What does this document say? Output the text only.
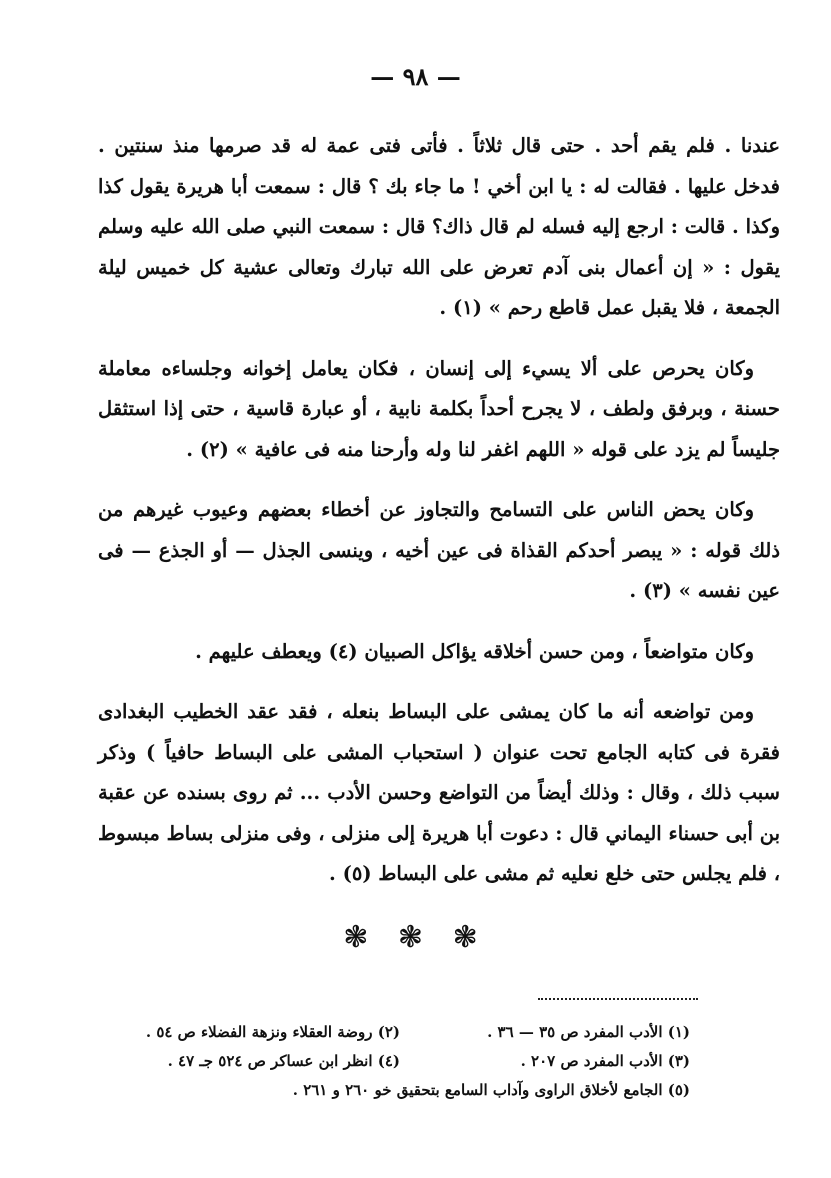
— ٩٨ —

عندنا . فلم يقم أحد . حتى قال ثلاثاً . فأتى فتى عمة له قد صرمها منذ سنتين . فدخل عليها . فقالت له : يا ابن أخي ! ما جاء بك ؟ قال : سمعت أبا هريرة يقول كذا وكذا . قالت : ارجع إليه فسله لم قال ذاك؟ قال : سمعت النبي صلى الله عليه وسلم يقول : « إن أعمال بنى آدم تعرض على الله تبارك وتعالى عشية كل خميس ليلة الجمعة ، فلا يقبل عمل قاطع رحم » (١) .

وكان يحرص على ألا يسيء إلى إنسان ، فكان يعامل إخوانه وجلساءه معاملة حسنة ، وبرفق ولطف ، لا يجرح أحداً بكلمة نابية ، أو عبارة قاسية ، حتى إذا استثقل جليساً لم يزد على قوله « اللهم اغفر لنا وله وأرحنا منه فى عافية » (٢) .

وكان يحض الناس على التسامح والتجاوز عن أخطاء بعضهم وعيوب غيرهم من ذلك قوله : « يبصر أحدكم القذاة فى عين أخيه ، وينسى الجذل — أو الجذع — فى عين نفسه » (٣) .

وكان متواضعاً ، ومن حسن أخلاقه يؤاكل الصبيان (٤) ويعطف عليهم .

ومن تواضعه أنه ما كان يمشى على البساط بنعله ، فقد عقد الخطيب البغدادى فقرة فى كتابه الجامع تحت عنوان ( استحباب المشى على البساط حافياً ) وذكر سبب ذلك ، وقال : وذلك أيضاً من التواضع وحسن الأدب ... ثم روى بسنده عن عقبة بن أبى حسناء اليماني قال : دعوت أبا هريرة إلى منزلى ، وفى منزلى بساط مبسوط ، فلم يجلس حتى خلع نعليه ثم مشى على البساط (٥) .

❃ ❃ ❃
(١) الأدب المفرد ص ٣٥ — ٣٦ .
(٢) روضة العقلاء ونزهة الفضلاء ص ٥٤ .
(٣) الأدب المفرد ص ٢٠٧ .
(٤) انظر ابن عساكر ص ٥٢٤ جـ ٤٧ .
(٥) الجامع لأخلاق الراوى وآداب السامع بتحقيق خو ٢٦٠ و ٢٦١ .
